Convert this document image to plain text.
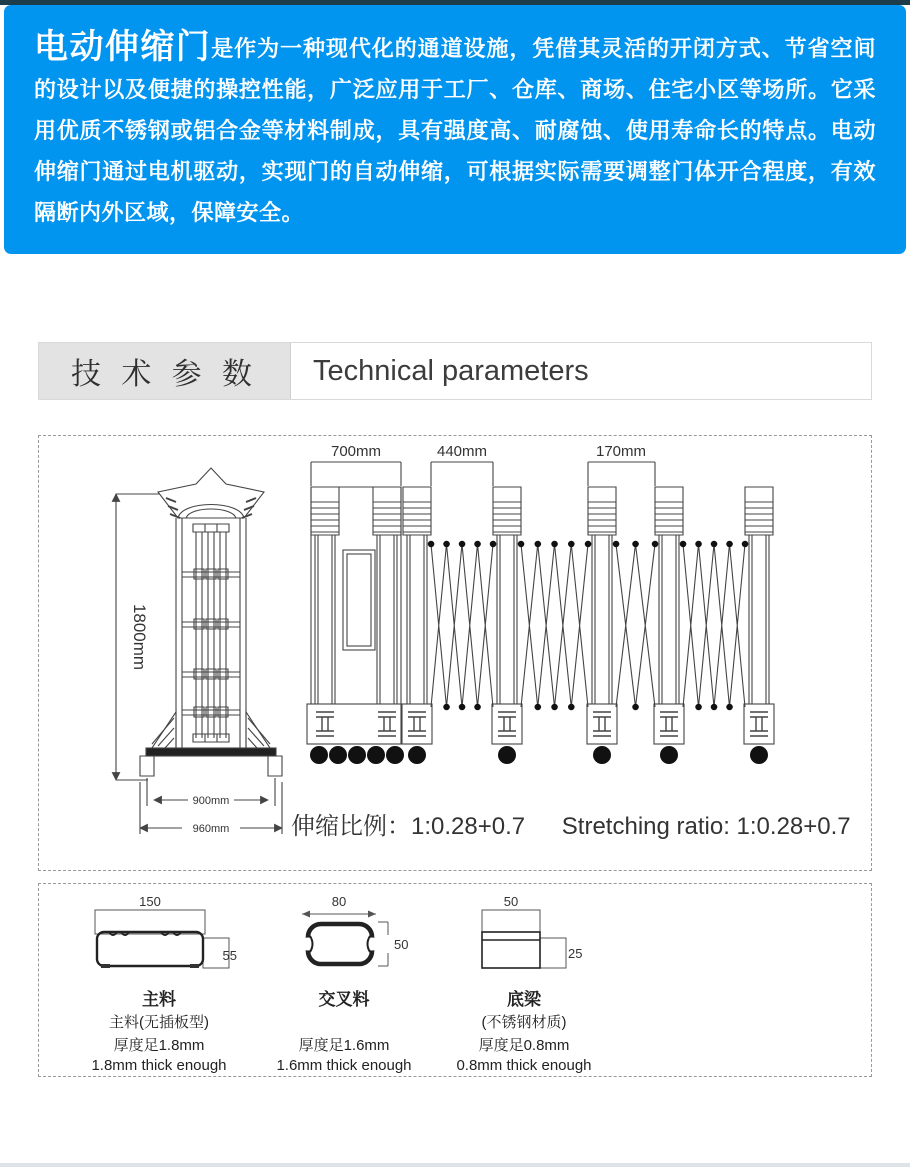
电动伸缩门是作为一种现代化的通道设施，凭借其灵活的开闭方式、节省空间的设计以及便捷的操控性能，广泛应用于工厂、仓库、商场、住宅小区等场所。它采用优质不锈钢或铝合金等材料制成，具有强度高、耐腐蚀、使用寿命长的特点。电动伸缩门通过电机驱动，实现门的自动伸缩，可根据实际需要调整门体开合程度，有效隔断内外区域，保障安全。
技 术 参 数	Technical parameters
1800mm
900mm
960mm
700mm	440mm	170mm
伸缩比例：1:0.28+0.7 Stretching ratio: 1:0.28+0.7
150
55
主料
主料(无插板型)
厚度足1.8mm
1.8mm thick enough
80
50
交叉料
厚度足1.6mm
1.6mm thick enough
50
25
底梁
(不锈钢材质)
厚度足0.8mm
0.8mm thick enough
